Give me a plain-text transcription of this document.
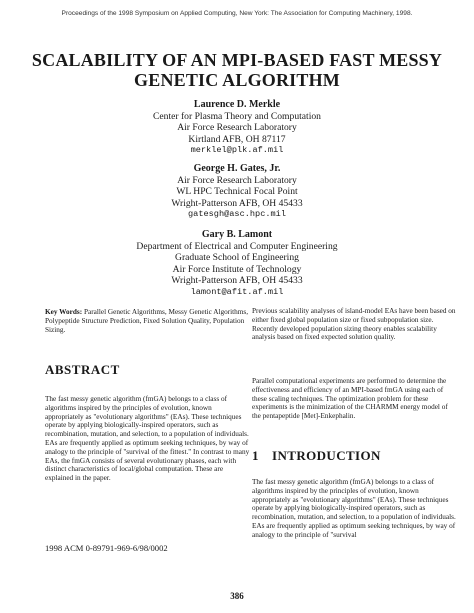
Proceedings of the 1998 Symposium on Applied Computing, New York: The Association for Computing Machinery, 1998.
SCALABILITY OF AN MPI-BASED FAST MESSY
GENETIC ALGORITHM
Laurence D. Merkle
Center for Plasma Theory and Computation
Air Force Research Laboratory
Kirtland AFB, OH 87117
merklel@plk.af.mil
George H. Gates, Jr.
Air Force Research Laboratory
WL HPC Technical Focal Point
Wright-Patterson AFB, OH 45433
gatesgh@asc.hpc.mil
Gary B. Lamont
Department of Electrical and Computer Engineering
Graduate School of Engineering
Air Force Institute of Technology
Wright-Patterson AFB, OH 45433
lamont@afit.af.mil
Key Words: Parallel Genetic Algorithms, Messy Genetic Algorithms, Polypeptide Structure Prediction, Fixed Solution Quality, Population Sizing.
ABSTRACT

The fast messy genetic algorithm (fmGA) belongs to a class of algorithms inspired by the principles of evolution, known appropriately as "evolutionary algorithms" (EAs). These techniques operate by applying biologically-inspired operators, such as recombination, mutation, and selection, to a population of individuals. EAs are frequently applied as optimum seeking techniques, by way of analogy to the principle of "survival of the fittest." In contrast to many EAs, the fmGA consists of several evolutionary phases, each with distinct characteristics of local/global computation. These are explained in the paper.

1998 ACM 0-89791-969-6/98/0002

Previous scalability analyses of island-model EAs have been based on either fixed global population size or fixed subpopulation size. Recently developed population sizing theory enables scalability analysis based on fixed expected solution quality.

Parallel computational experiments are performed to determine the effectiveness and efficiency of an MPI-based fmGA using each of these scaling techniques. The optimization problem for these experiments is the minimization of the CHARMM energy model of the pentapeptide [Met]-Enkephalin.

1 INTRODUCTION

The fast messy genetic algorithm (fmGA) belongs to a class of algorithms inspired by the principles of evolution, known appropriately as "evolutionary algorithms" (EAs). These techniques operate by applying biologically-inspired operators, such as recombination, mutation, and selection, to a population of individuals. EAs are frequently applied as optimum seeking techniques, by way of analogy to the principle of "survival

386
